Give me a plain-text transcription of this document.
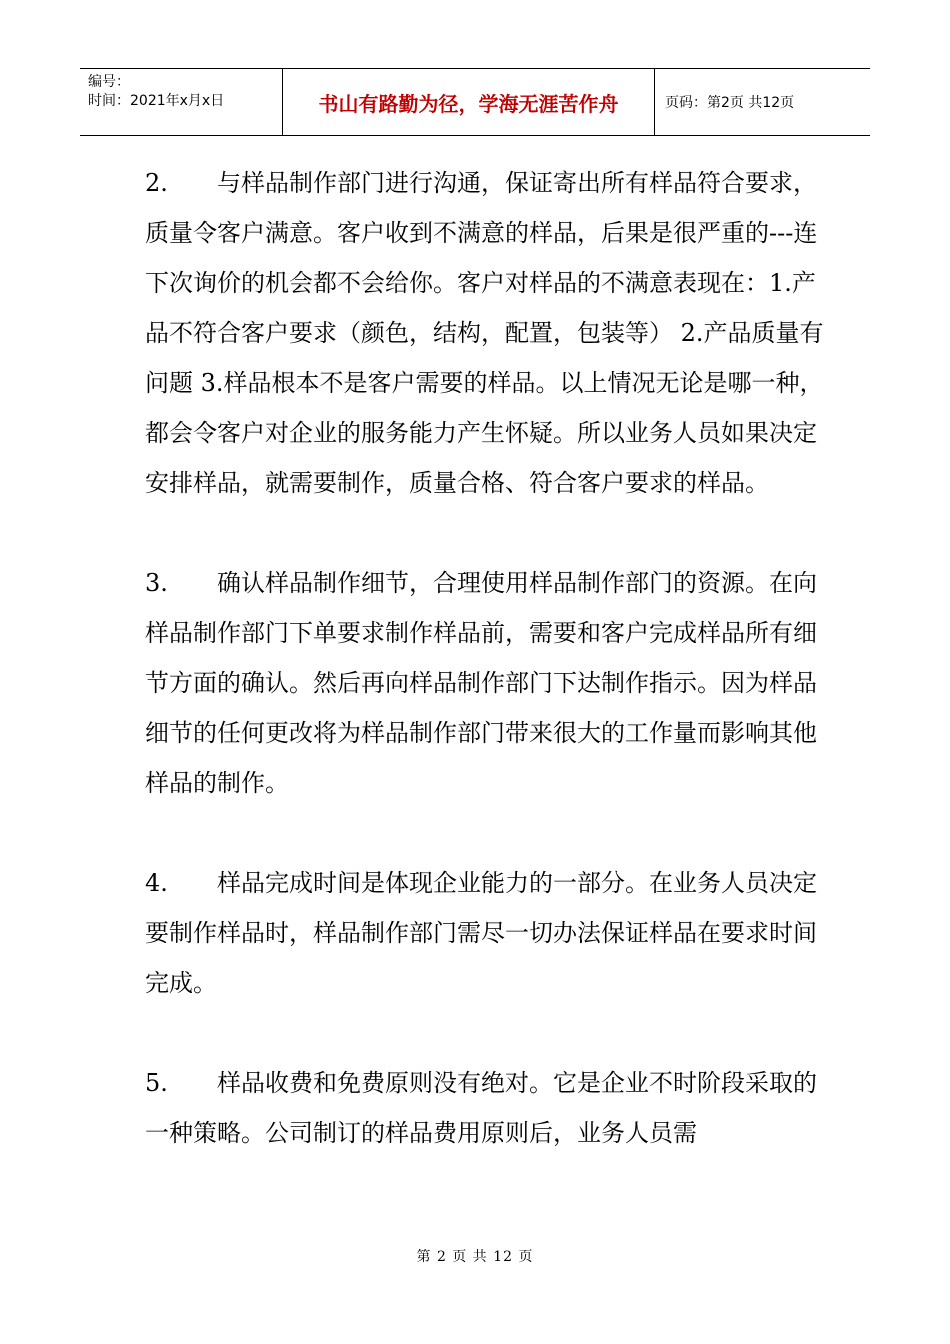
编号：
时间：2021年x月x日	书山有路勤为径，学海无涯苦作舟	页码：第2页 共12页

2. 与样品制作部门进行沟通，保证寄出所有样品符合要求，质量令客户满意。客户收到不满意的样品，后果是很严重的---连下次询价的机会都不会给你。客户对样品的不满意表现在：1.产品不符合客户要求（颜色，结构，配置，包装等） 2.产品质量有问题 3.样品根本不是客户需要的样品。以上情况无论是哪一种，都会令客户对企业的服务能力产生怀疑。所以业务人员如果决定安排样品，就需要制作，质量合格、符合客户要求的样品。

3. 确认样品制作细节，合理使用样品制作部门的资源。在向样品制作部门下单要求制作样品前，需要和客户完成样品所有细节方面的确认。然后再向样品制作部门下达制作指示。因为样品细节的任何更改将为样品制作部门带来很大的工作量而影响其他样品的制作。

4. 样品完成时间是体现企业能力的一部分。在业务人员决定要制作样品时，样品制作部门需尽一切办法保证样品在要求时间完成。

5. 样品收费和免费原则没有绝对。它是企业不时阶段采取的一种策略。公司制订的样品费用原则后，业务人员需

第 2 页 共 12 页
